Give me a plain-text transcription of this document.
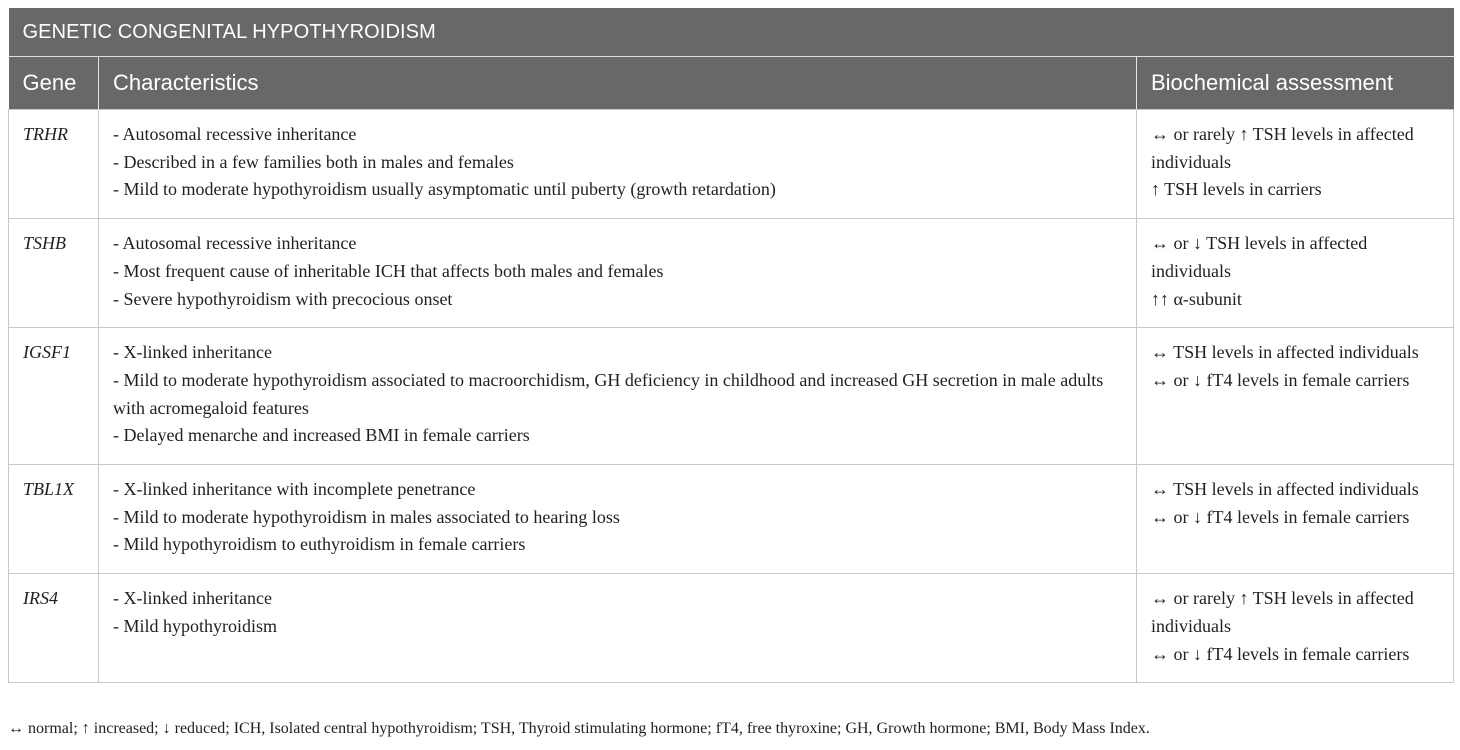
GENETIC CONGENITAL HYPOTHYROIDISM		
Gene	Characteristics	Biochemical assessment
TRHR	- Autosomal recessive inheritance
- Described in a few families both in males and females
- Mild to moderate hypothyroidism usually asymptomatic until puberty (growth retardation)	↔ or rarely ↑ TSH levels in affected individuals
↑ TSH levels in carriers

TSHB	- Autosomal recessive inheritance
- Most frequent cause of inheritable ICH that affects both males and females
- Severe hypothyroidism with precocious onset	↔ or ↓ TSH levels in affected individuals
↑↑ α-subunit

IGSF1	- X-linked inheritance
- Mild to moderate hypothyroidism associated to macroorchidism, GH deficiency in childhood and increased GH secretion in male adults with acromegaloid features
- Delayed menarche and increased BMI in female carriers	↔ TSH levels in affected individuals
↔ or ↓ fT4 levels in female carriers

TBL1X	- X-linked inheritance with incomplete penetrance
- Mild to moderate hypothyroidism in males associated to hearing loss
- Mild hypothyroidism to euthyroidism in female carriers	↔ TSH levels in affected individuals
↔ or ↓ fT4 levels in female carriers

IRS4	- X-linked inheritance
- Mild hypothyroidism	↔ or rarely ↑ TSH levels in affected individuals
↔ or ↓ fT4 levels in female carriers
↔ normal; ↑ increased; ↓ reduced; ICH, Isolated central hypothyroidism; TSH, Thyroid stimulating hormone; fT4, free thyroxine; GH, Growth hormone; BMI, Body Mass Index.
